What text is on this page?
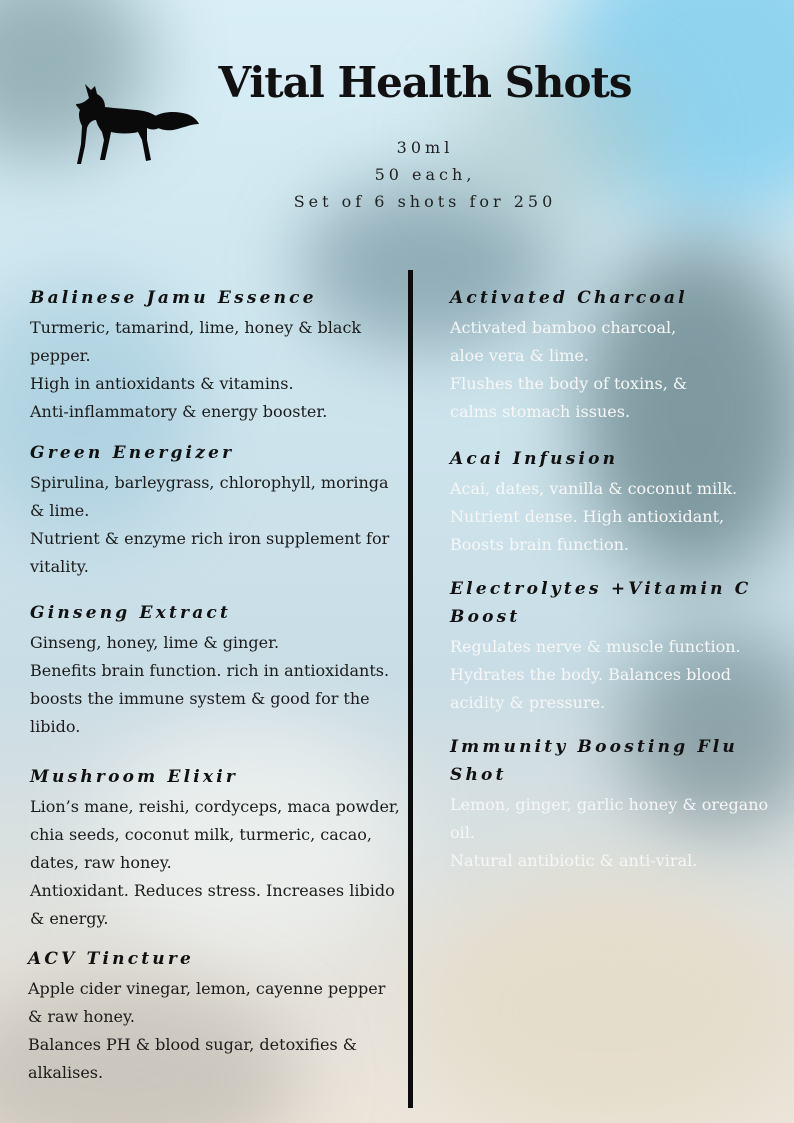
Vital Health Shots
30ml
50 each,
Set of 6 shots for 250
Balinese Jamu Essence

Turmeric, tamarind, lime, honey & black pepper.

High in antioxidants & vitamins.

Anti-inflammatory & energy booster.

Green Energizer

Spirulina, barleygrass, chlorophyll, moringa & lime.

Nutrient & enzyme rich iron supplement for vitality.

Ginseng Extract

Ginseng, honey, lime & ginger.

Benefits brain function. rich in antioxidants. boosts the immune system & good for the libido.

Mushroom Elixir

Lion’s mane, reishi, cordyceps, maca powder, chia seeds, coconut milk, turmeric, cacao, dates, raw honey.

Antioxidant. Reduces stress. Increases libido & energy.

ACV Tincture

Apple cider vinegar, lemon, cayenne pepper & raw honey.

Balances PH & blood sugar, detoxifies & alkalises.

Activated Charcoal

Activated bamboo charcoal,

aloe vera & lime.

Flushes the body of toxins, &

calms stomach issues.

Acai Infusion

Acai, dates, vanilla & coconut milk.

Nutrient dense. High antioxidant,

Boosts brain function.

Electrolytes +Vitamin C Boost

Regulates nerve & muscle function.

Hydrates the body. Balances blood acidity & pressure.

Immunity Boosting Flu Shot

Lemon, ginger, garlic honey & oregano oil.

Natural antibiotic & anti-viral.
